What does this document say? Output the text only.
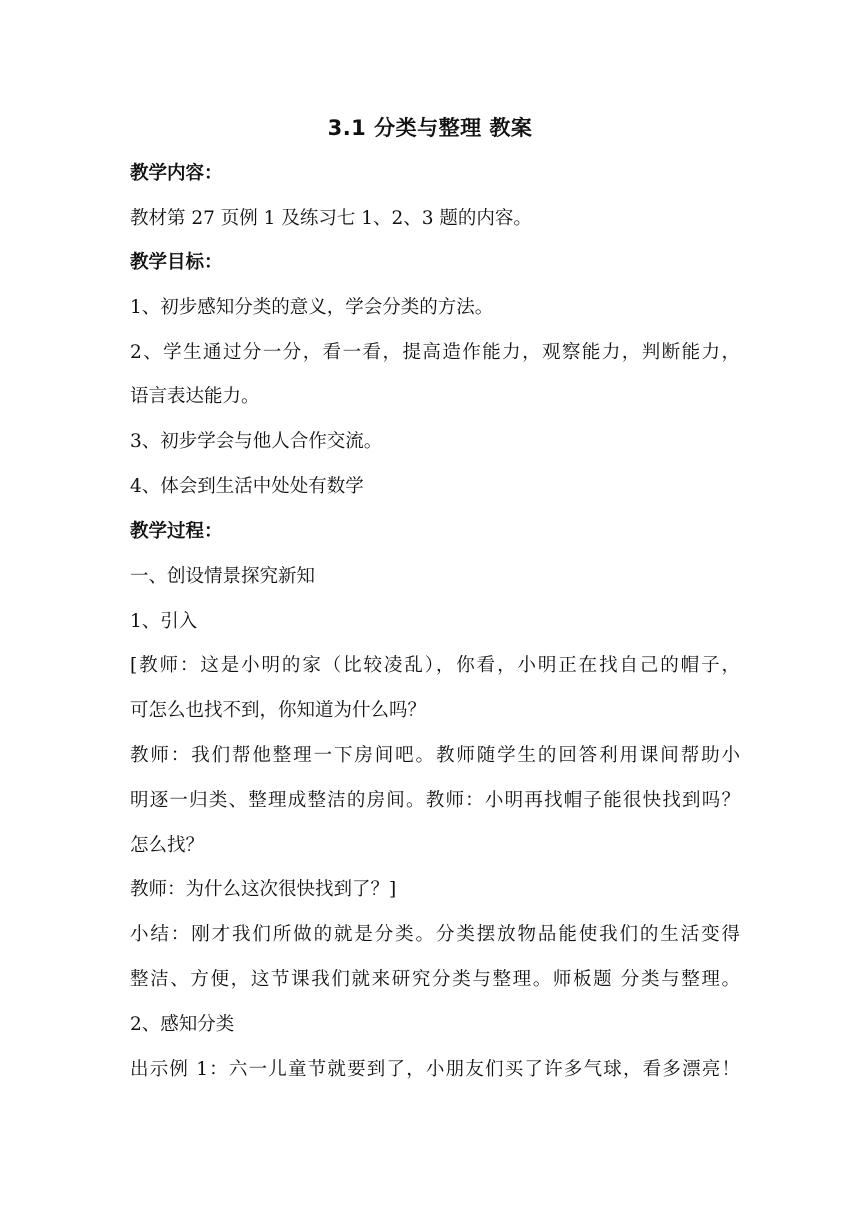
3.1 分类与整理 教案
教学内容：
教材第 27 页例 1 及练习七 1、2、3 题的内容。
教学目标：
1、初步感知分类的意义，学会分类的方法。
2、学生通过分一分，看一看，提高造作能力，观察能力，判断能力，
语言表达能力。
3、初步学会与他人合作交流。
4、体会到生活中处处有数学
教学过程：
一、创设情景探究新知
1、引入
[教师：这是小明的家（比较凌乱），你看，小明正在找自己的帽子，
可怎么也找不到，你知道为什么吗？
教师：我们帮他整理一下房间吧。教师随学生的回答利用课间帮助小
明逐一归类、整理成整洁的房间。教师：小明再找帽子能很快找到吗？
怎么找？
教师：为什么这次很快找到了？]
小结：刚才我们所做的就是分类。分类摆放物品能使我们的生活变得
整洁、方便，这节课我们就来研究分类与整理。师板题 分类与整理。
2、感知分类
出示例 1：六一儿童节就要到了，小朋友们买了许多气球，看多漂亮！
